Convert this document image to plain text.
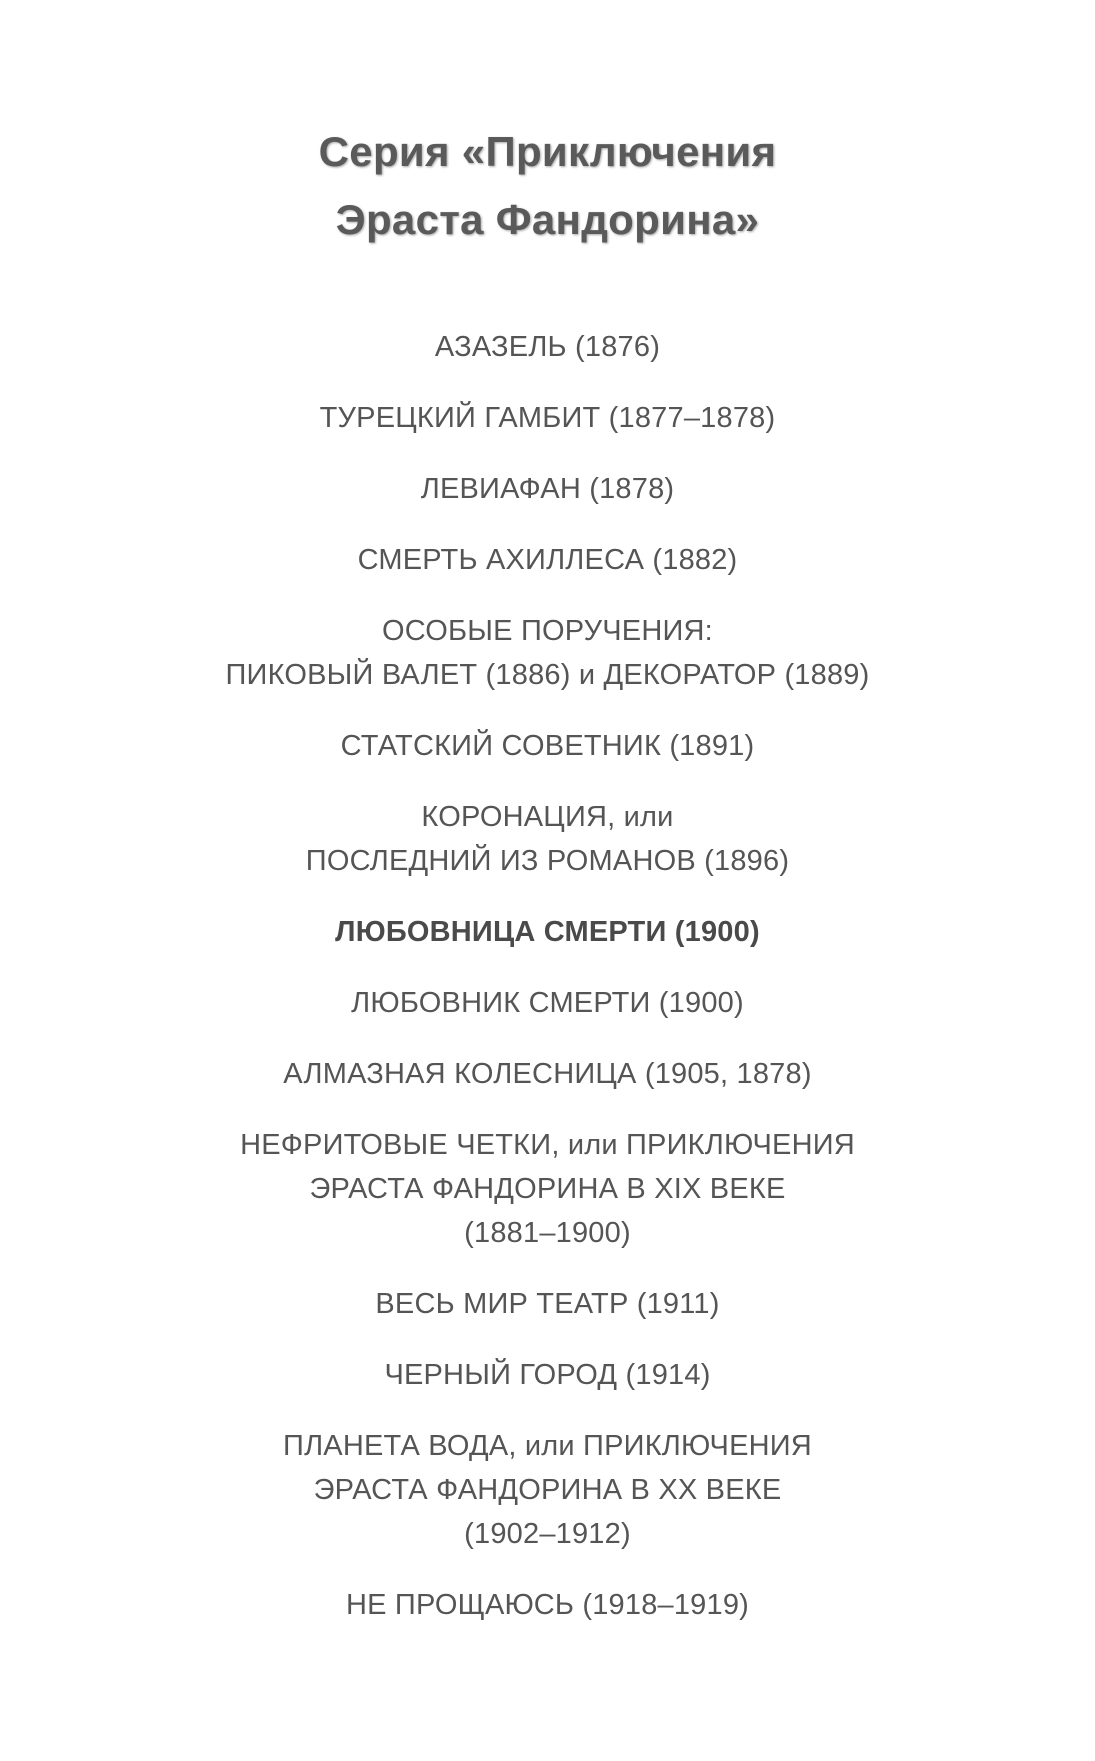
Серия «Приключения
Эраста Фандорина»
АЗАЗЕЛЬ (1876)
ТУРЕЦКИЙ ГАМБИТ (1877–1878)
ЛЕВИАФАН (1878)
СМЕРТЬ АХИЛЛЕСА (1882)
ОСОБЫЕ ПОРУЧЕНИЯ:
ПИКОВЫЙ ВАЛЕТ (1886) и ДЕКОРАТОР (1889)
СТАТСКИЙ СОВЕТНИК (1891)
КОРОНАЦИЯ, или
ПОСЛЕДНИЙ ИЗ РОМАНОВ (1896)
ЛЮБОВНИЦА СМЕРТИ (1900)
ЛЮБОВНИК СМЕРТИ (1900)
АЛМАЗНАЯ КОЛЕСНИЦА (1905, 1878)
НЕФРИТОВЫЕ ЧЕТКИ, или ПРИКЛЮЧЕНИЯ
ЭРАСТА ФАНДОРИНА В XIX ВЕКЕ
(1881–1900)
ВЕСЬ МИР ТЕАТР (1911)
ЧЕРНЫЙ ГОРОД (1914)
ПЛАНЕТА ВОДА, или ПРИКЛЮЧЕНИЯ
ЭРАСТА ФАНДОРИНА В XX ВЕКЕ
(1902–1912)
НЕ ПРОЩАЮСЬ (1918–1919)
